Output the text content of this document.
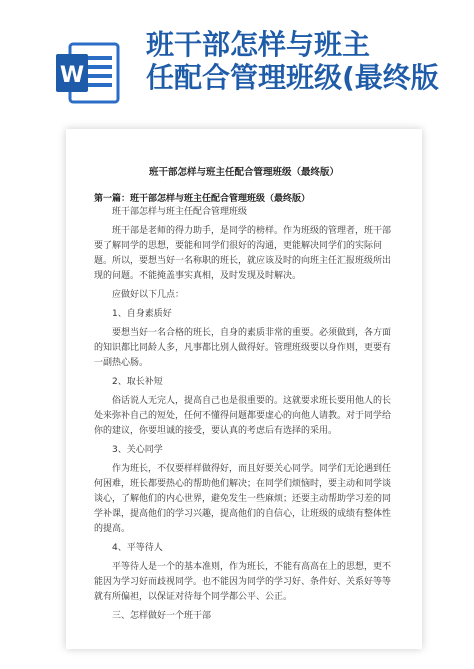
W
班干部怎样与班主
任配合管理班级(最终版
班干部怎样与班主任配合管理班级（最终版）
第一篇：班干部怎样与班主任配合管理班级（最终版）

班干部怎样与班主任配合管理班级

班干部是老师的得力助手，是同学的榜样。作为班级的管理者，班干部要了解同学的思想，要能和同学们很好的沟通，更能解决同学们的实际问题。所以，要想当好一名称职的班长，就应该及时的向班主任汇报班级所出现的问题。不能掩盖事实真相，及时发现及时解决。

应做好以下几点：

1、自身素质好

要想当好一名合格的班长，自身的素质非常的重要。必须做到，各方面的知识都比同龄人多，凡事都比别人做得好。管理班级要以身作则，更要有一副热心肠。

2、取长补短

俗话说人无完人，提高自己也是很重要的。这就要求班长要用他人的长处来弥补自己的短处，任何不懂得问题都要虚心的向他人请教。对于同学给你的建议，你要坦诚的接受，要认真的考虑后有选择的采用。

3、关心同学

作为班长，不仅要样样做得好，而且好要关心同学。同学们无论遇到任何困难，班长都要热心的帮助他们解决；在同学们烦恼时，要主动和同学谈谈心，了解他们的内心世界，避免发生一些麻烦；还要主动帮助学习差的同学补课，提高他们的学习兴趣，提高他们的自信心，让班级的成绩有整体性的提高。

4、平等待人

平等待人是一个的基本准则，作为班长，不能有高高在上的思想，更不能因为学习好而歧视同学。也不能因为同学的学习好、条件好、关系好等等就有所偏袒，以保证对待每个同学都公平、公正。

三、怎样做好一个班干部
